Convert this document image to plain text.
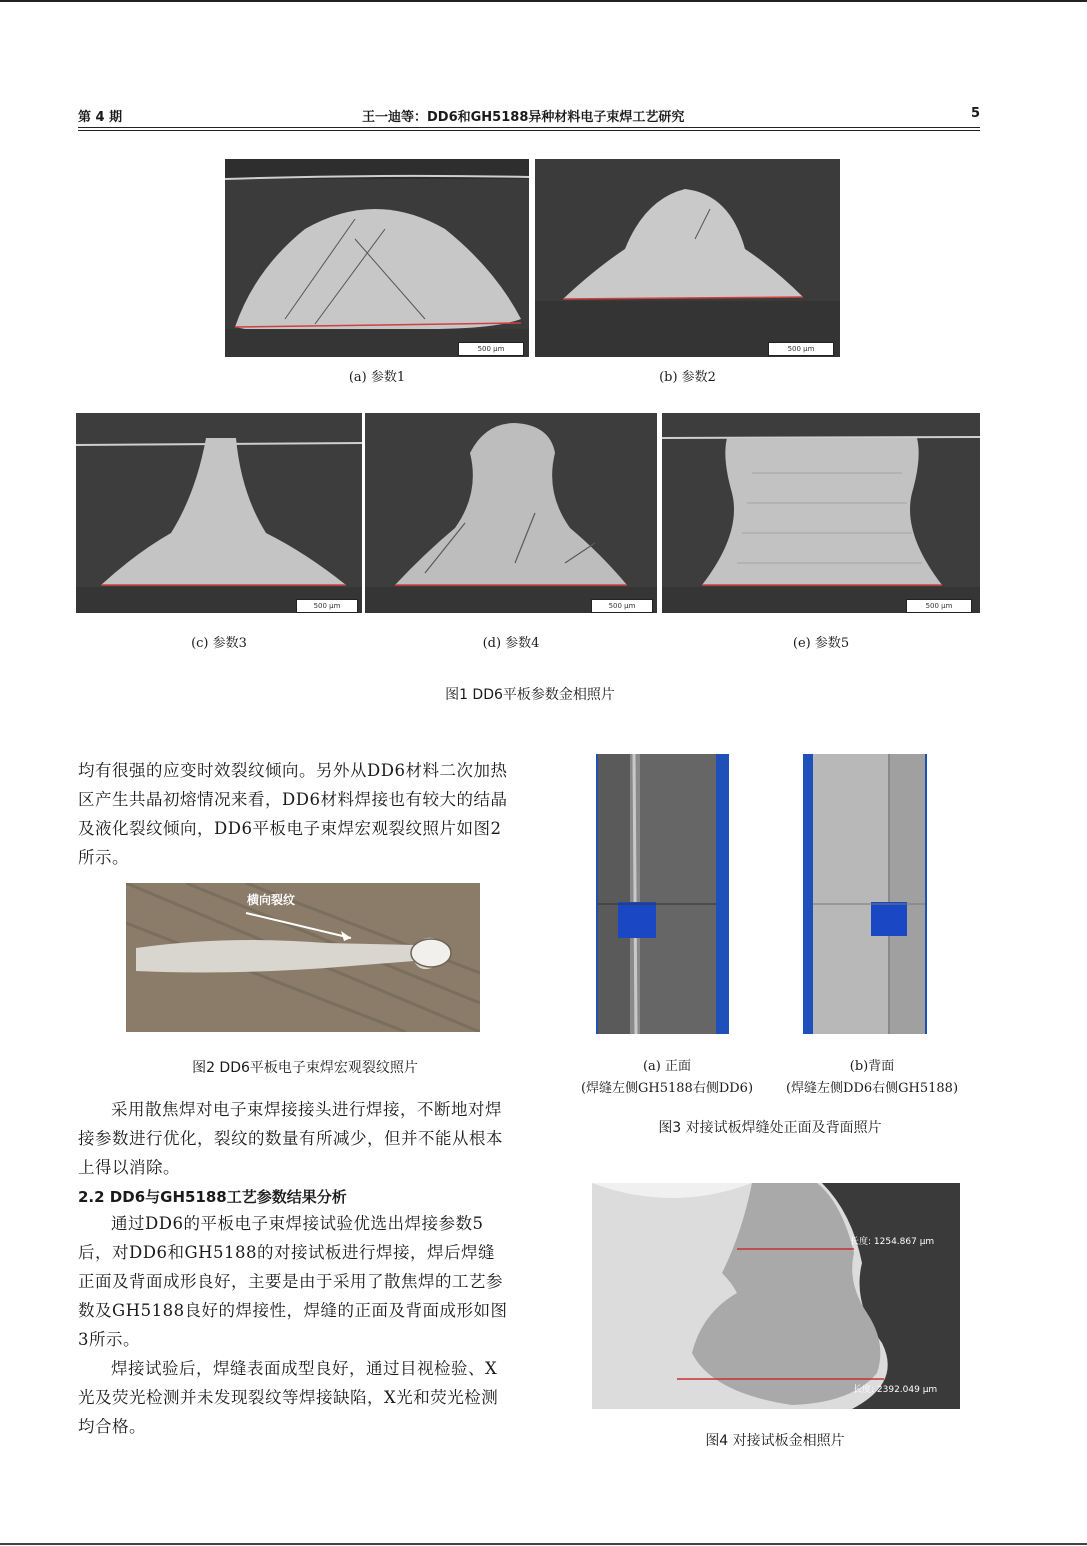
第 4 期	王一迪等：DD6和GH5188异种材料电子束焊工艺研究	5
500 μm	500 μm
(a) 参数1	(b) 参数2
500 μm	500 μm	500 μm
(c) 参数3	(d) 参数4	(e) 参数5
图1 DD6平板参数金相照片
均有很强的应变时效裂纹倾向。另外从DD6材料二次加热区产生共晶初熔情况来看，DD6材料焊接也有较大的结晶及液化裂纹倾向，DD6平板电子束焊宏观裂纹照片如图2所示。
横向裂纹
图2 DD6平板电子束焊宏观裂纹照片
采用散焦焊对电子束焊接接头进行焊接，不断地对焊接参数进行优化，裂纹的数量有所减少，但并不能从根本上得以消除。
2.2 DD6与GH5188工艺参数结果分析
通过DD6的平板电子束焊接试验优选出焊接参数5后，对DD6和GH5188的对接试板进行焊接，焊后焊缝正面及背面成形良好，主要是由于采用了散焦焊的工艺参数及GH5188良好的焊接性，焊缝的正面及背面成形如图3所示。
焊接试验后，焊缝表面成型良好，通过目视检验、X光及荧光检测并未发现裂纹等焊接缺陷，X光和荧光检测均合格。
(a) 正面
(焊缝左侧GH5188右侧DD6)
(b)背面
(焊缝左侧DD6右侧GH5188)
图3 对接试板焊缝处正面及背面照片
长度: 1254.867 μm
长度: 2392.049 μm
图4 对接试板金相照片
